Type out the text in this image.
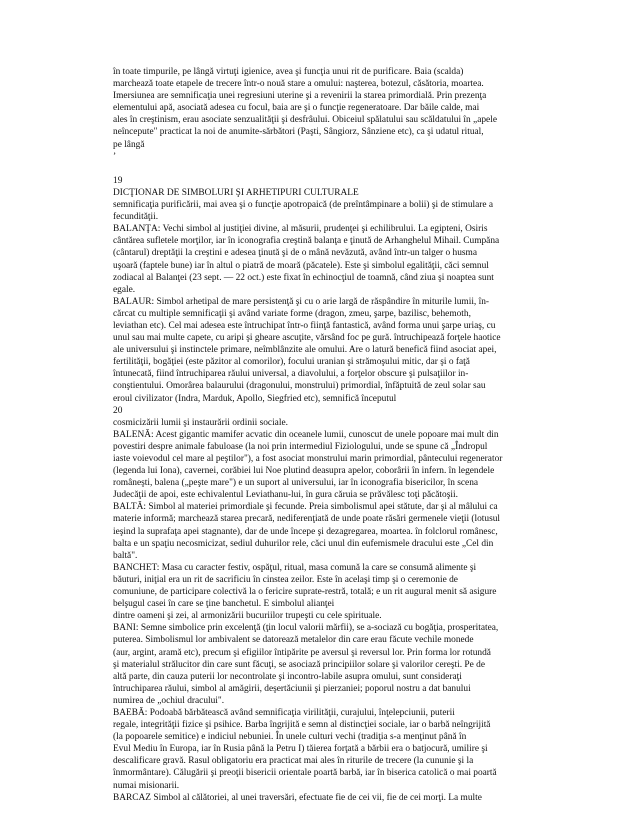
în toate timpurile, pe lângă virtuţi igienice, avea şi funcţia unui rit de purificare. Baia (scalda)

marchează toate etapele de trecere într-o nouă stare a omului: naşterea, botezul, căsătoria, moartea.

Imersiunea are semnificaţia unei regresiuni uterine şi a revenirii la starea primordială. Prin prezenţa

elementului apă, asociată adesea cu focul, baia are şi o funcţie regeneratoare. Dar băile calde, mai

ales în creştinism, erau asociate senzualităţii şi desfrâului. Obiceiul spălatului sau scăldatului în „apele

neîncepute" practicat la noi de anumite-sărbători (Paşti, Sângiorz, Sânziene etc), ca şi udatul ritual,

pe lângă

’

19

DICŢIONAR DE SIMBOLURI ŞI ARHETIPURI CULTURALE

semnificaţia purificării, mai avea şi o funcţie apotropaică (de preîntâmpinare a bolii) şi de stimulare a

fecundităţii.

BALANŢA: Vechi simbol al justiţiei divine, al măsurii, prudenţei şi echilibrului. La egipteni, Osiris

cântărea sufletele morţilor, iar în iconografia creştină balanţa e ţinută de Arhanghelul Mihail. Cumpăna

(cântarul) dreptăţii la creştini e adesea ţinută şi de o mână nevăzută, având într-un talger o husma

uşoară (faptele bune) iar în altul o piatră de moară (păcatele). Este şi simbolul egalităţii, căci semnul

zodiacal al Balanţei (23 sept. — 22 oct.) este fixat în echinocţiul de toamnă, când ziua şi noaptea sunt

egale.

BALAUR: Simbol arhetipal de mare persistenţă şi cu o arie largă de răspândire în miturile lumii, în-

cărcat cu multiple semnificaţii şi având variate forme (dragon, zmeu, şarpe, bazilisc, behemoth,

leviathan etc). Cel mai adesea este întruchipat într-o fiinţă fantastică, având forma unui şarpe uriaş, cu

unul sau mai multe capete, cu aripi şi gheare ascuţite, vărsând foc pe gură. întruchipează forţele haotice

ale universului şi instinctele primare, neîmblânzite ale omului. Are o latură benefică fiind asociat apei,

fertilităţii, bogăţiei (este păzitor al comorilor), focului uranian şi strămoşului mitic, dar şi o faţă

întunecată, fiind întruchiparea răului universal, a diavolului, a forţelor obscure şi pulsaţiilor in-

conştientului. Omorârea balaurului (dragonului, monstrului) primordial, înfăptuită de zeul solar sau

eroul civilizator (Indra, Marduk, Apollo, Siegfried etc), semnifică începutul

20

cosmicizării lumii şi instaurării ordinii sociale.

BALENĂ: Acest gigantic mamifer acvatic din oceanele lumii, cunoscut de unele popoare mai mult din

povestiri despre animale fabuloase (la noi prin intermediul Fiziologului, unde se spune că „Îndropul

iaste voievodul cel mare al peştilor"), a fost asociat monstrului marin primordial, pântecului regenerator

(legenda lui Iona), cavernei, corăbiei lui Noe plutind deasupra apelor, coborârii în infern. în legendele

româneşti, balena („peşte mare") e un suport al universului, iar în iconografia bisericilor, în scena

Judecăţii de apoi, este echivalentul Leviathanu-lui, în gura căruia se prăvălesc toţi păcătoşii.

BALTĂ: Simbol al materiei primordiale şi fecunde. Preia simbolismul apei stătute, dar şi al mâlului ca

materie informă; marchează starea precară, nediferenţiată de unde poate răsări germenele vieţii (lotusul

ieşind la suprafaţa apei stagnante), dar de unde începe şi dezagregarea, moartea. în folclorul românesc,

balta e un spaţiu necosmicizat, sediul duhurilor rele, căci unul din eufemismele dracului este „Cel din

baltă".

BANCHET: Masa cu caracter festiv, ospăţul, ritual, masa comună la care se consumă alimente şi

băuturi, iniţial era un rit de sacrificiu în cinstea zeilor. Este în acelaşi timp şi o ceremonie de

comuniune, de participare colectivă la o fericire suprate-restră, totală; e un rit augural menit să asigure

belşugul casei în care se ţine banchetul. E simbolul alianţei

dintre oameni şi zei, al armonizării bucuriilor trupeşti cu cele spirituale.

BANI: Semne simbolice prin excelenţă (ţin locul valorii mărfii), se a-sociază cu bogăţia, prosperitatea,

puterea. Simbolismul lor ambivalent se datorează metalelor din care erau făcute vechile monede

(aur, argint, aramă etc), precum şi efigiilor întipărite pe aversul şi reversul lor. Prin forma lor rotundă

şi materialul strălucitor din care sunt făcuţi, se asociază principiilor solare şi valorilor cereşti. Pe de

altă parte, din cauza puterii lor necontrolate şi incontro-labile asupra omului, sunt consideraţi

întruchiparea răului, simbol al amăgirii, deşertăciunii şi pierzaniei; poporul nostru a dat banului

numirea de „ochiul dracului".

BAEBĂ: Podoabă bărbătească având semnificaţia virilităţii, curajului, înţelepciunii, puterii

regale, integrităţii fizice şi psihice. Barba îngrijită e semn al distincţiei sociale, iar o barbă neîngrijită

(la popoarele semitice) e indiciul nebuniei. În unele culturi vechi (tradiţia s-a menţinut până în

Evul Mediu în Europa, iar în Rusia până la Petru I) tăierea forţată a bărbii era o batjocură, umilire şi

descalificare gravă. Rasul obligatoriu era practicat mai ales în riturile de trecere (la cununie şi la

înmormântare). Călugării şi preoţii bisericii orientale poartă barbă, iar în biserica catolică o mai poartă

numai misionarii.

BARCAZ Simbol al călătoriei, al unei traversări, efectuate fie de cei vii, fie de cei morţi. La multe
